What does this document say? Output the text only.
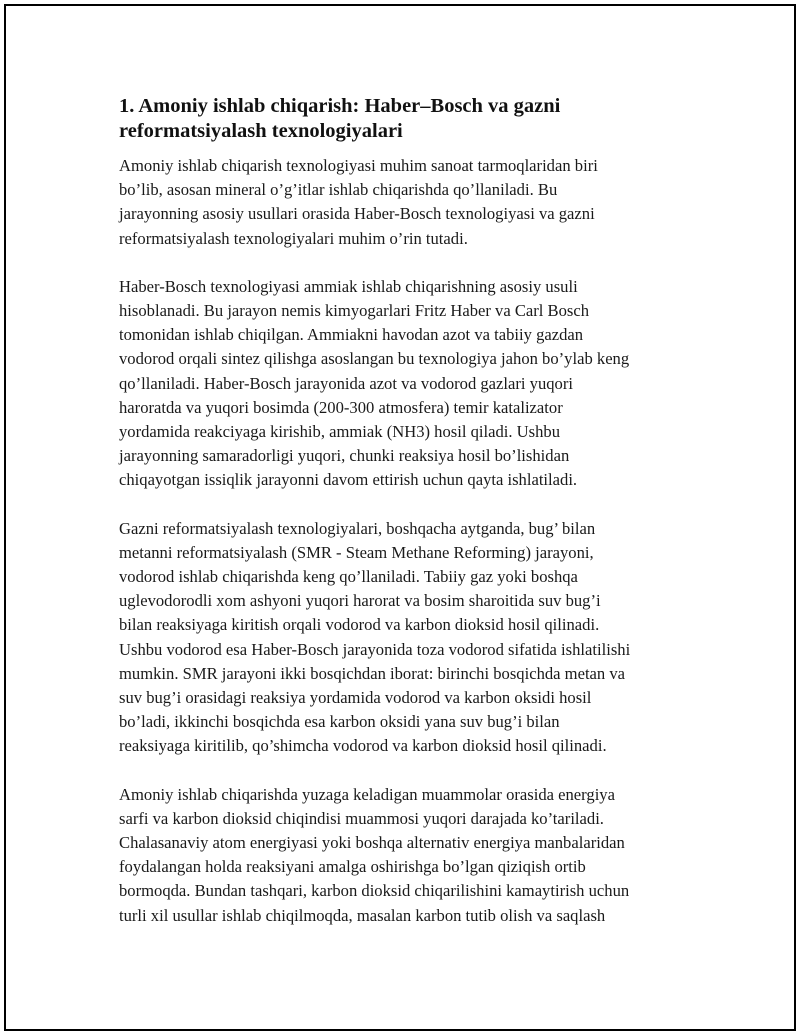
1. Amoniy ishlab chiqarish: Haber–Bosch va gazni
reformatsiyalash texnologiyalari

Amoniy ishlab chiqarish texnologiyasi muhim sanoat tarmoqlaridan biri
bo’lib, asosan mineral o’g’itlar ishlab chiqarishda qo’llaniladi. Bu
jarayonning asosiy usullari orasida Haber-Bosch texnologiyasi va gazni
reformatsiyalash texnologiyalari muhim o’rin tutadi.

Haber-Bosch texnologiyasi ammiak ishlab chiqarishning asosiy usuli
hisoblanadi. Bu jarayon nemis kimyogarlari Fritz Haber va Carl Bosch
tomonidan ishlab chiqilgan. Ammiakni havodan azot va tabiiy gazdan
vodorod orqali sintez qilishga asoslangan bu texnologiya jahon bo’ylab keng
qo’llaniladi. Haber-Bosch jarayonida azot va vodorod gazlari yuqori
haroratda va yuqori bosimda (200-300 atmosfera) temir katalizator
yordamida reakciyaga kirishib, ammiak (NH3) hosil qiladi. Ushbu
jarayonning samaradorligi yuqori, chunki reaksiya hosil bo’lishidan
chiqayotgan issiqlik jarayonni davom ettirish uchun qayta ishlatiladi.

Gazni reformatsiyalash texnologiyalari, boshqacha aytganda, bug’ bilan
metanni reformatsiyalash (SMR - Steam Methane Reforming) jarayoni,
vodorod ishlab chiqarishda keng qo’llaniladi. Tabiiy gaz yoki boshqa
uglevodorodli xom ashyoni yuqori harorat va bosim sharoitida suv bug’i
bilan reaksiyaga kiritish orqali vodorod va karbon dioksid hosil qilinadi.
Ushbu vodorod esa Haber-Bosch jarayonida toza vodorod sifatida ishlatilishi
mumkin. SMR jarayoni ikki bosqichdan iborat: birinchi bosqichda metan va
suv bug’i orasidagi reaksiya yordamida vodorod va karbon oksidi hosil
bo’ladi, ikkinchi bosqichda esa karbon oksidi yana suv bug’i bilan
reaksiyaga kiritilib, qo’shimcha vodorod va karbon dioksid hosil qilinadi.

Amoniy ishlab chiqarishda yuzaga keladigan muammolar orasida energiya
sarfi va karbon dioksid chiqindisi muammosi yuqori darajada ko’tariladi.
Chalasanaviy atom energiyasi yoki boshqa alternativ energiya manbalaridan
foydalangan holda reaksiyani amalga oshirishga bo’lgan qiziqish ortib
bormoqda. Bundan tashqari, karbon dioksid chiqarilishini kamaytirish uchun
turli xil usullar ishlab chiqilmoqda, masalan karbon tutib olish va saqlash
